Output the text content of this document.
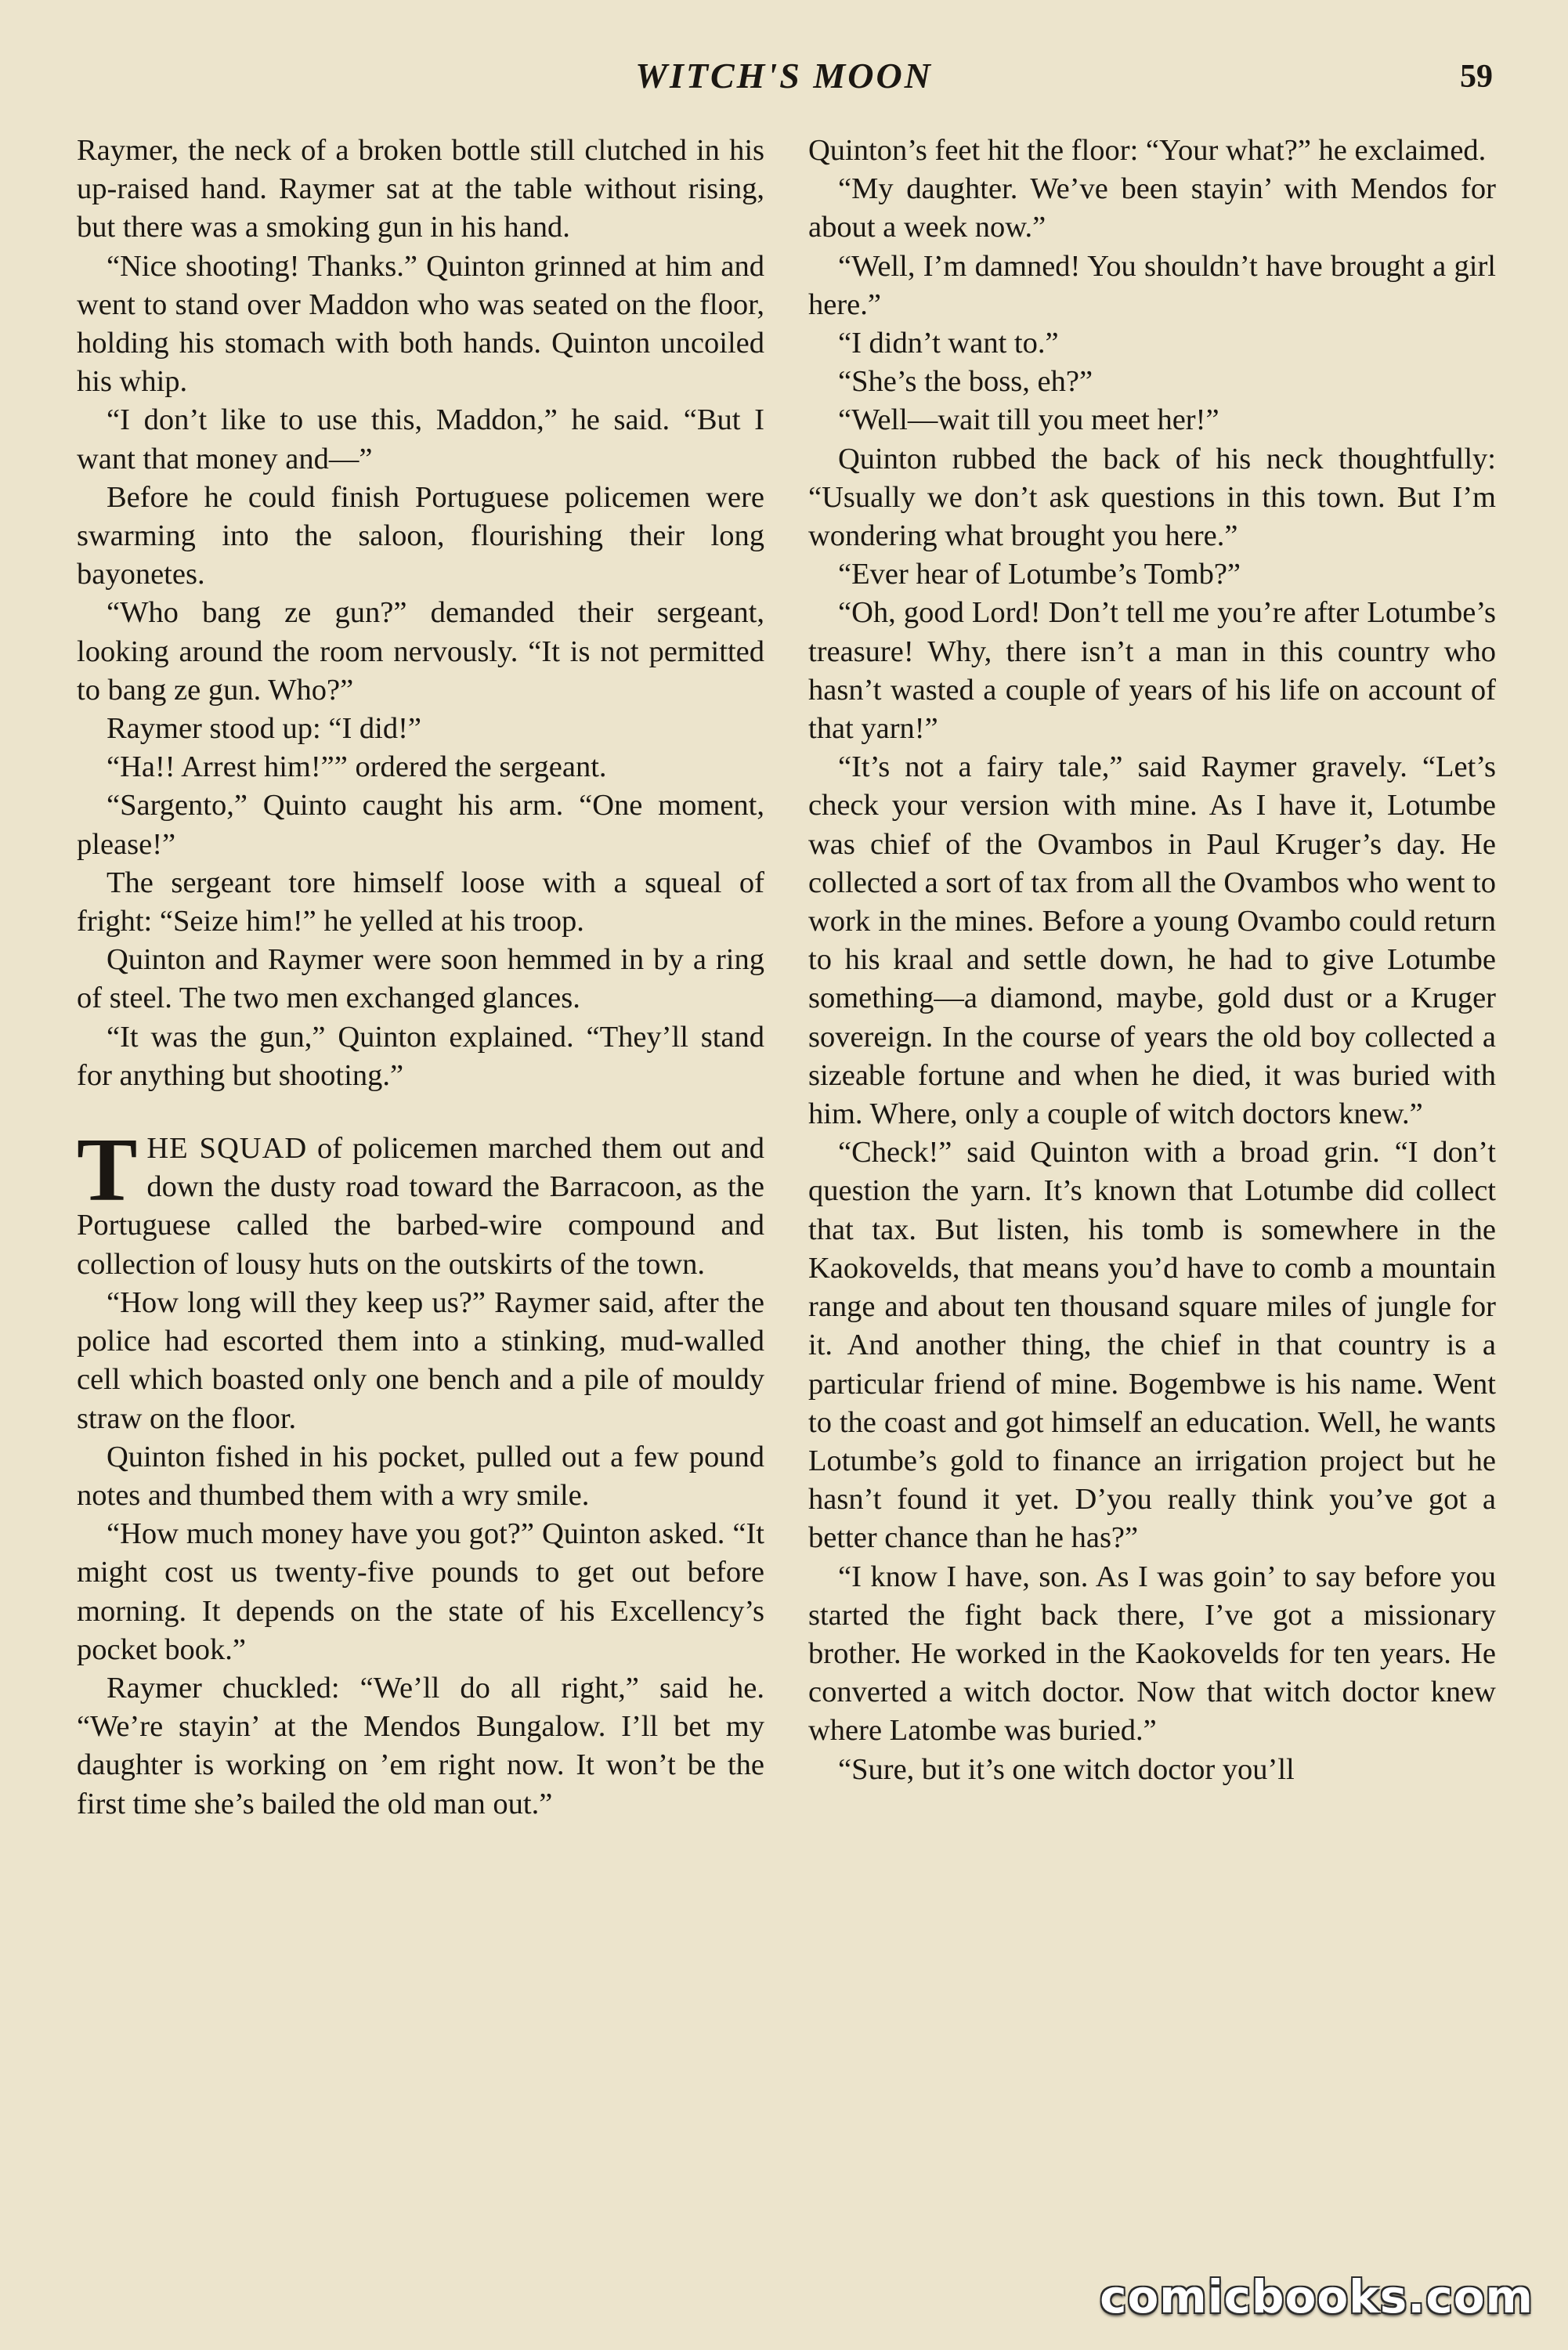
WITCH'S MOON	59

Raymer, the neck of a broken bottle still clutched in his up-raised hand. Raymer sat at the table without rising, but there was a smoking gun in his hand.

“Nice shooting! Thanks.” Quinton grinned at him and went to stand over Maddon who was seated on the floor, holding his stomach with both hands. Quinton uncoiled his whip.

“I don’t like to use this, Maddon,” he said. “But I want that money and—”

Before he could finish Portuguese policemen were swarming into the saloon, flourishing their long bayonetes.

“Who bang ze gun?” demanded their sergeant, looking around the room nervously. “It is not permitted to bang ze gun. Who?”

Raymer stood up: “I did!”

“Ha!! Arrest him!”” ordered the sergeant.

“Sargento,” Quinto caught his arm. “One moment, please!”

The sergeant tore himself loose with a squeal of fright: “Seize him!” he yelled at his troop.

Quinton and Raymer were soon hemmed in by a ring of steel. The two men exchanged glances.

“It was the gun,” Quinton explained. “They’ll stand for anything but shooting.”

THE SQUAD of policemen marched them out and down the dusty road toward the Barracoon, as the Portuguese called the barbed-wire compound and collection of lousy huts on the outskirts of the town.

“How long will they keep us?” Raymer said, after the police had escorted them into a stinking, mud-walled cell which boasted only one bench and a pile of mouldy straw on the floor.

Quinton fished in his pocket, pulled out a few pound notes and thumbed them with a wry smile.

“How much money have you got?” Quinton asked. “It might cost us twenty-five pounds to get out before morning. It depends on the state of his Excellency’s pocket book.”

Raymer chuckled: “We’ll do all right,” said he. “We’re stayin’ at the Mendos Bungalow. I’ll bet my daughter is working on ’em right now. It won’t be the first time she’s bailed the old man out.”

Quinton’s feet hit the floor: “Your what?” he exclaimed.

“My daughter. We’ve been stayin’ with Mendos for about a week now.”

“Well, I’m damned! You shouldn’t have brought a girl here.”

“I didn’t want to.”

“She’s the boss, eh?”

“Well—wait till you meet her!”

Quinton rubbed the back of his neck thoughtfully: “Usually we don’t ask questions in this town. But I’m wondering what brought you here.”

“Ever hear of Lotumbe’s Tomb?”

“Oh, good Lord! Don’t tell me you’re after Lotumbe’s treasure! Why, there isn’t a man in this country who hasn’t wasted a couple of years of his life on account of that yarn!”

“It’s not a fairy tale,” said Raymer gravely. “Let’s check your version with mine. As I have it, Lotumbe was chief of the Ovambos in Paul Kruger’s day. He collected a sort of tax from all the Ovambos who went to work in the mines. Before a young Ovambo could return to his kraal and settle down, he had to give Lotumbe something—a diamond, maybe, gold dust or a Kruger sovereign. In the course of years the old boy collected a sizeable fortune and when he died, it was buried with him. Where, only a couple of witch doctors knew.”

“Check!” said Quinton with a broad grin. “I don’t question the yarn. It’s known that Lotumbe did collect that tax. But listen, his tomb is somewhere in the Kaokovelds, that means you’d have to comb a mountain range and about ten thousand square miles of jungle for it. And another thing, the chief in that country is a particular friend of mine. Bogembwe is his name. Went to the coast and got himself an education. Well, he wants Lotumbe’s gold to finance an irrigation project but he hasn’t found it yet. D’you really think you’ve got a better chance than he has?”

“I know I have, son. As I was goin’ to say before you started the fight back there, I’ve got a missionary brother. He worked in the Kaokovelds for ten years. He converted a witch doctor. Now that witch doctor knew where Latombe was buried.”

“Sure, but it’s one witch doctor you’ll

comicbooks.com
